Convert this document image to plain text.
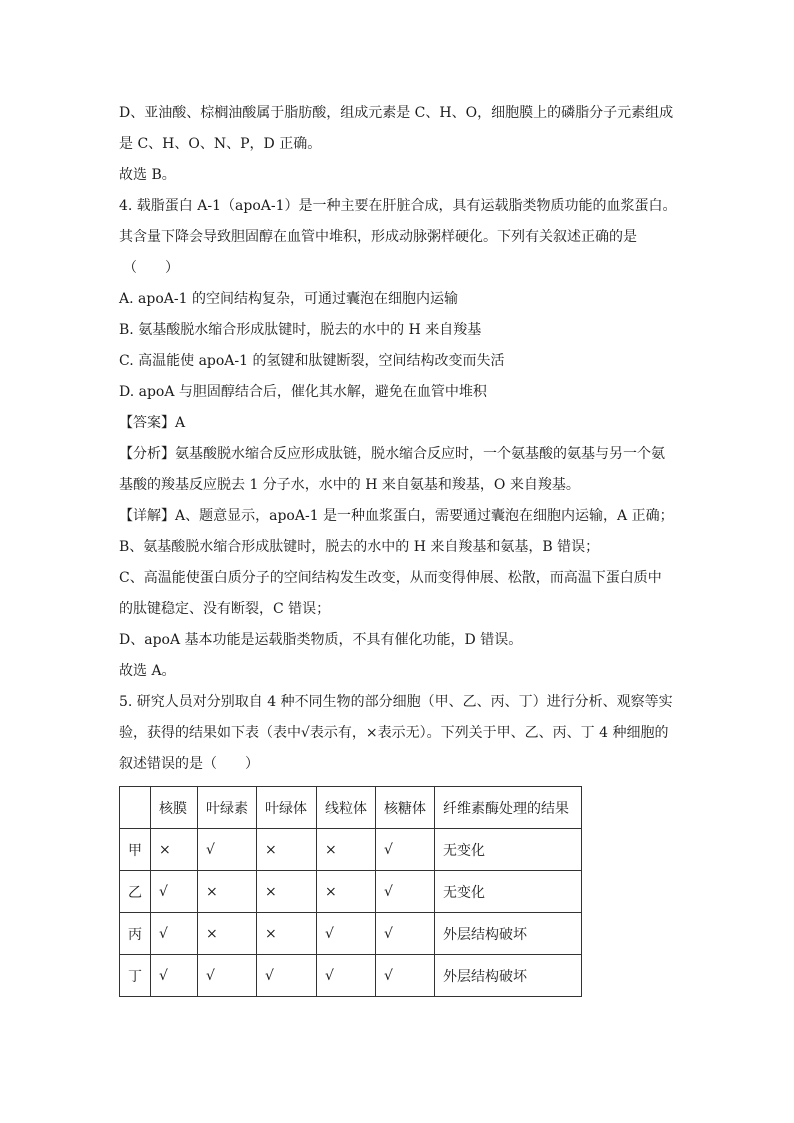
D、亚油酸、棕榈油酸属于脂肪酸，组成元素是 C、H、O，细胞膜上的磷脂分子元素组成
是 C、H、O、N、P，D 正确。
故选 B。
4. 载脂蛋白 A-1（apoA-1）是一种主要在肝脏合成，具有运载脂类物质功能的血浆蛋白。
其含量下降会导致胆固醇在血管中堆积，形成动脉粥样硬化。下列有关叙述正确的是
（　　）
A. apoA-1 的空间结构复杂，可通过囊泡在细胞内运输
B. 氨基酸脱水缩合形成肽键时，脱去的水中的 H 来自羧基
C. 高温能使 apoA-1 的氢键和肽键断裂，空间结构改变而失活
D. apoA 与胆固醇结合后，催化其水解，避免在血管中堆积
【答案】A
【分析】氨基酸脱水缩合反应形成肽链，脱水缩合反应时，一个氨基酸的氨基与另一个氨
基酸的羧基反应脱去 1 分子水，水中的 H 来自氨基和羧基，O 来自羧基。
【详解】A、题意显示，apoA-1 是一种血浆蛋白，需要通过囊泡在细胞内运输，A 正确；
B、氨基酸脱水缩合形成肽键时，脱去的水中的 H 来自羧基和氨基，B 错误；
C、高温能使蛋白质分子的空间结构发生改变，从而变得伸展、松散，而高温下蛋白质中
的肽键稳定、没有断裂，C 错误；
D、apoA 基本功能是运载脂类物质，不具有催化功能，D 错误。
故选 A。
5. 研究人员对分别取自 4 种不同生物的部分细胞（甲、乙、丙、丁）进行分析、观察等实
验，获得的结果如下表（表中√表示有，×表示无）。下列关于甲、乙、丙、丁 4 种细胞的
叙述错误的是（　　）
	核膜	叶绿素	叶绿体	线粒体	核糖体	纤维素酶处理的结果
甲	×	√	×	×	√	无变化
乙	√	×	×	×	√	无变化
丙	√	×	×	√	√	外层结构破坏
丁	√	√	√	√	√	外层结构破坏
